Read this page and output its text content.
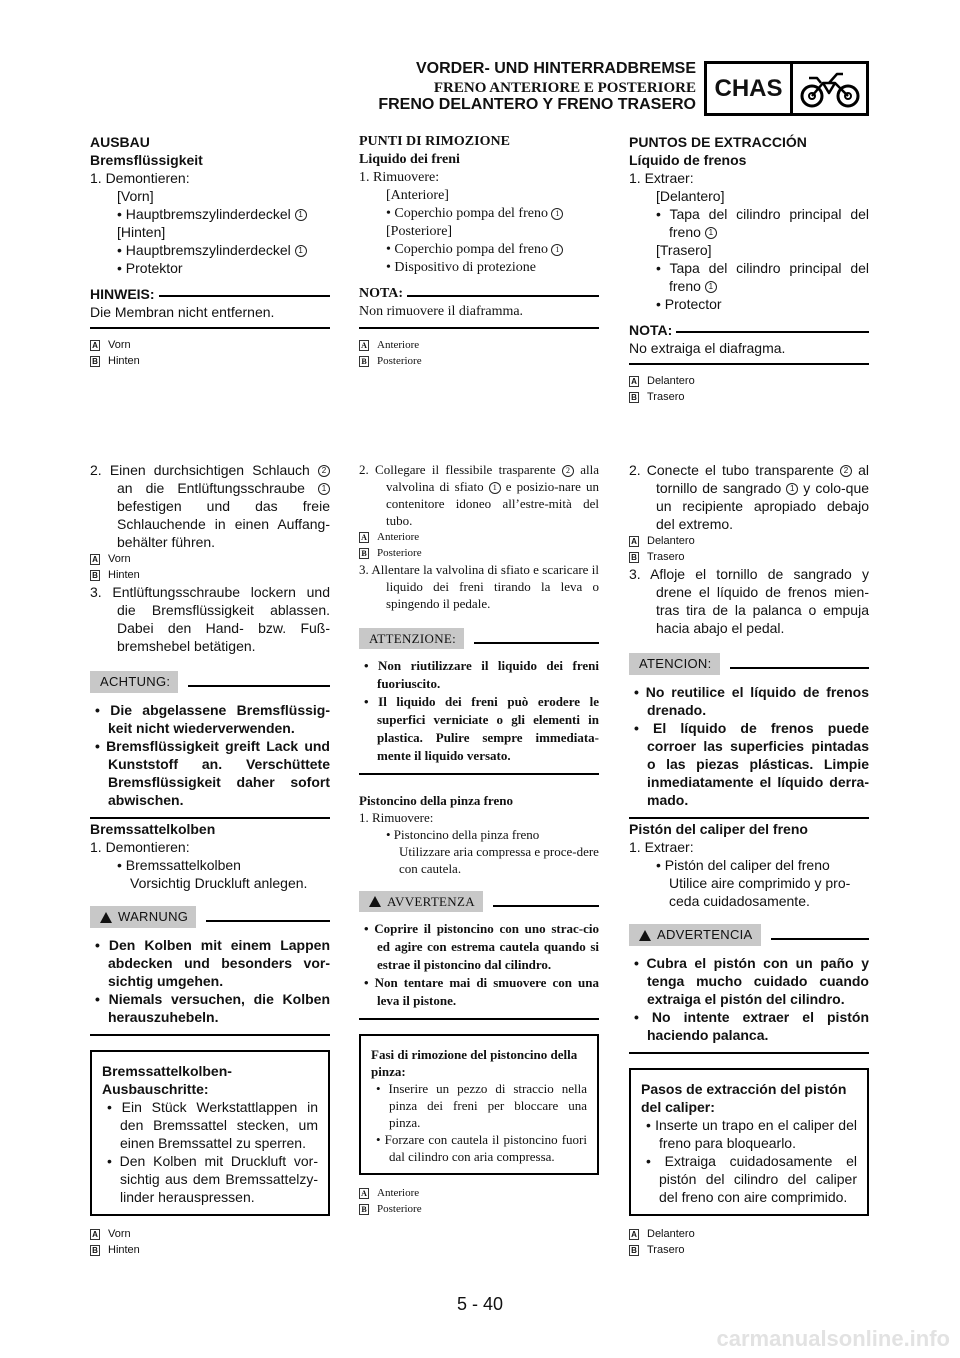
VORDER- UND HINTERRADBREMSE
FRENO ANTERIORE E POSTERIORE
FRENO DELANTERO Y FRENO TRASERO
CHAS
AUSBAU
Bremsflüssigkeit
1. Demontieren:
[Vorn]
• Hauptbremszylinderdeckel 1
[Hinten]
• Hauptbremszylinderdeckel 1
• Protektor
HINWEIS:
Die Membran nicht entfernen.
A Vorn
B Hinten
PUNTI DI RIMOZIONE
Liquido dei freni
1. Rimuovere:
[Anteriore]
• Coperchio pompa del freno 1
[Posteriore]
• Coperchio pompa del freno 1
• Dispositivo di protezione
NOTA:
Non rimuovere il diaframma.
A Anteriore
B Posteriore
PUNTOS DE EXTRACCIÓN
Líquido de frenos
1. Extraer:
[Delantero]
• Tapa del cilindro principal del freno 1
[Trasero]
• Tapa del cilindro principal del freno 1
• Protector
NOTA:
No extraiga el diafragma.
A Delantero
B Trasero
2. Einen durchsichtigen Schlauch 2 an die Entlüftungsschraube 1 befestigen und das freie Schlauchende in einen Auffang-behälter führen.
A Vorn
B Hinten
3. Entlüftungsschraube lockern und die Bremsflüssigkeit ablassen. Dabei den Hand- bzw. Fuß-bremshebel betätigen.
ACHTUNG:
• Die abgelassene Bremsflüssig-keit nicht wiederverwenden.
• Bremsflüssigkeit greift Lack und Kunststoff an. Verschüttete Bremsflüssigkeit daher sofort abwischen.
2. Collegare il flessibile trasparente 2 alla valvolina di sfiato 1 e posizio-nare un contenitore idoneo all’estre-mità del tubo.
A Anteriore
B Posteriore
3. Allentare la valvolina di sfiato e scaricare il liquido dei freni tirando la leva o spingendo il pedale.
ATTENZIONE:
• Non riutilizzare il liquido dei freni fuoriuscito.
• Il liquido dei freni può erodere le superfici verniciate o gli elementi in plastica. Pulire sempre immediata-mente il liquido versato.
2. Conecte el tubo transparente 2 al tornillo de sangrado 1 y colo-que un recipiente apropiado debajo del extremo.
A Delantero
B Trasero
3. Afloje el tornillo de sangrado y drene el líquido de frenos mien-tras tira de la palanca o empuja hacia abajo el pedal.
ATENCION:
• No reutilice el líquido de frenos drenado.
• El líquido de frenos puede corroer las superficies pintadas o las piezas plásticas. Limpie inmediatamente el líquido derra-mado.
Bremssattelkolben
1. Demontieren:
• Bremssattelkolben
Vorsichtig Druckluft anlegen.
WARNUNG
• Den Kolben mit einem Lappen abdecken und besonders vor-sichtig umgehen.
• Niemals versuchen, die Kolben herauszuhebeln.
Bremssattelkolben-Ausbauschritte:
• Ein Stück Werkstattlappen in den Bremssattel stecken, um einen Bremssattel zu sperren.
• Den Kolben mit Druckluft vor-sichtig aus dem Bremssattelzy-linder herauspressen.
A Vorn
B Hinten
Pistoncino della pinza freno
1. Rimuovere:
• Pistoncino della pinza freno
Utilizzare aria compressa e proce-dere con cautela.
AVVERTENZA
• Coprire il pistoncino con uno strac-cio ed agire con estrema cautela quando si estrae il pistoncino dal cilindro.
• Non tentare mai di smuovere con una leva il pistone.
Fasi di rimozione del pistoncino della pinza:
• Inserire un pezzo di straccio nella pinza dei freni per bloccare una pinza.
• Forzare con cautela il pistoncino fuori dal cilindro con aria compressa.
A Anteriore
B Posteriore
Pistón del caliper del freno
1. Extraer:
• Pistón del caliper del freno
Utilice aire comprimido y pro-ceda cuidadosamente.
ADVERTENCIA
• Cubra el pistón con un paño y tenga mucho cuidado cuando extraiga el pistón del cilindro.
• No intente extraer el pistón haciendo palanca.
Pasos de extracción del pistón del caliper:
• Inserte un trapo en el caliper del freno para bloquearlo.
• Extraiga cuidadosamente el pistón del cilindro del caliper del freno con aire comprimido.
A Delantero
B Trasero
5 - 40
carmanualsonline.info
